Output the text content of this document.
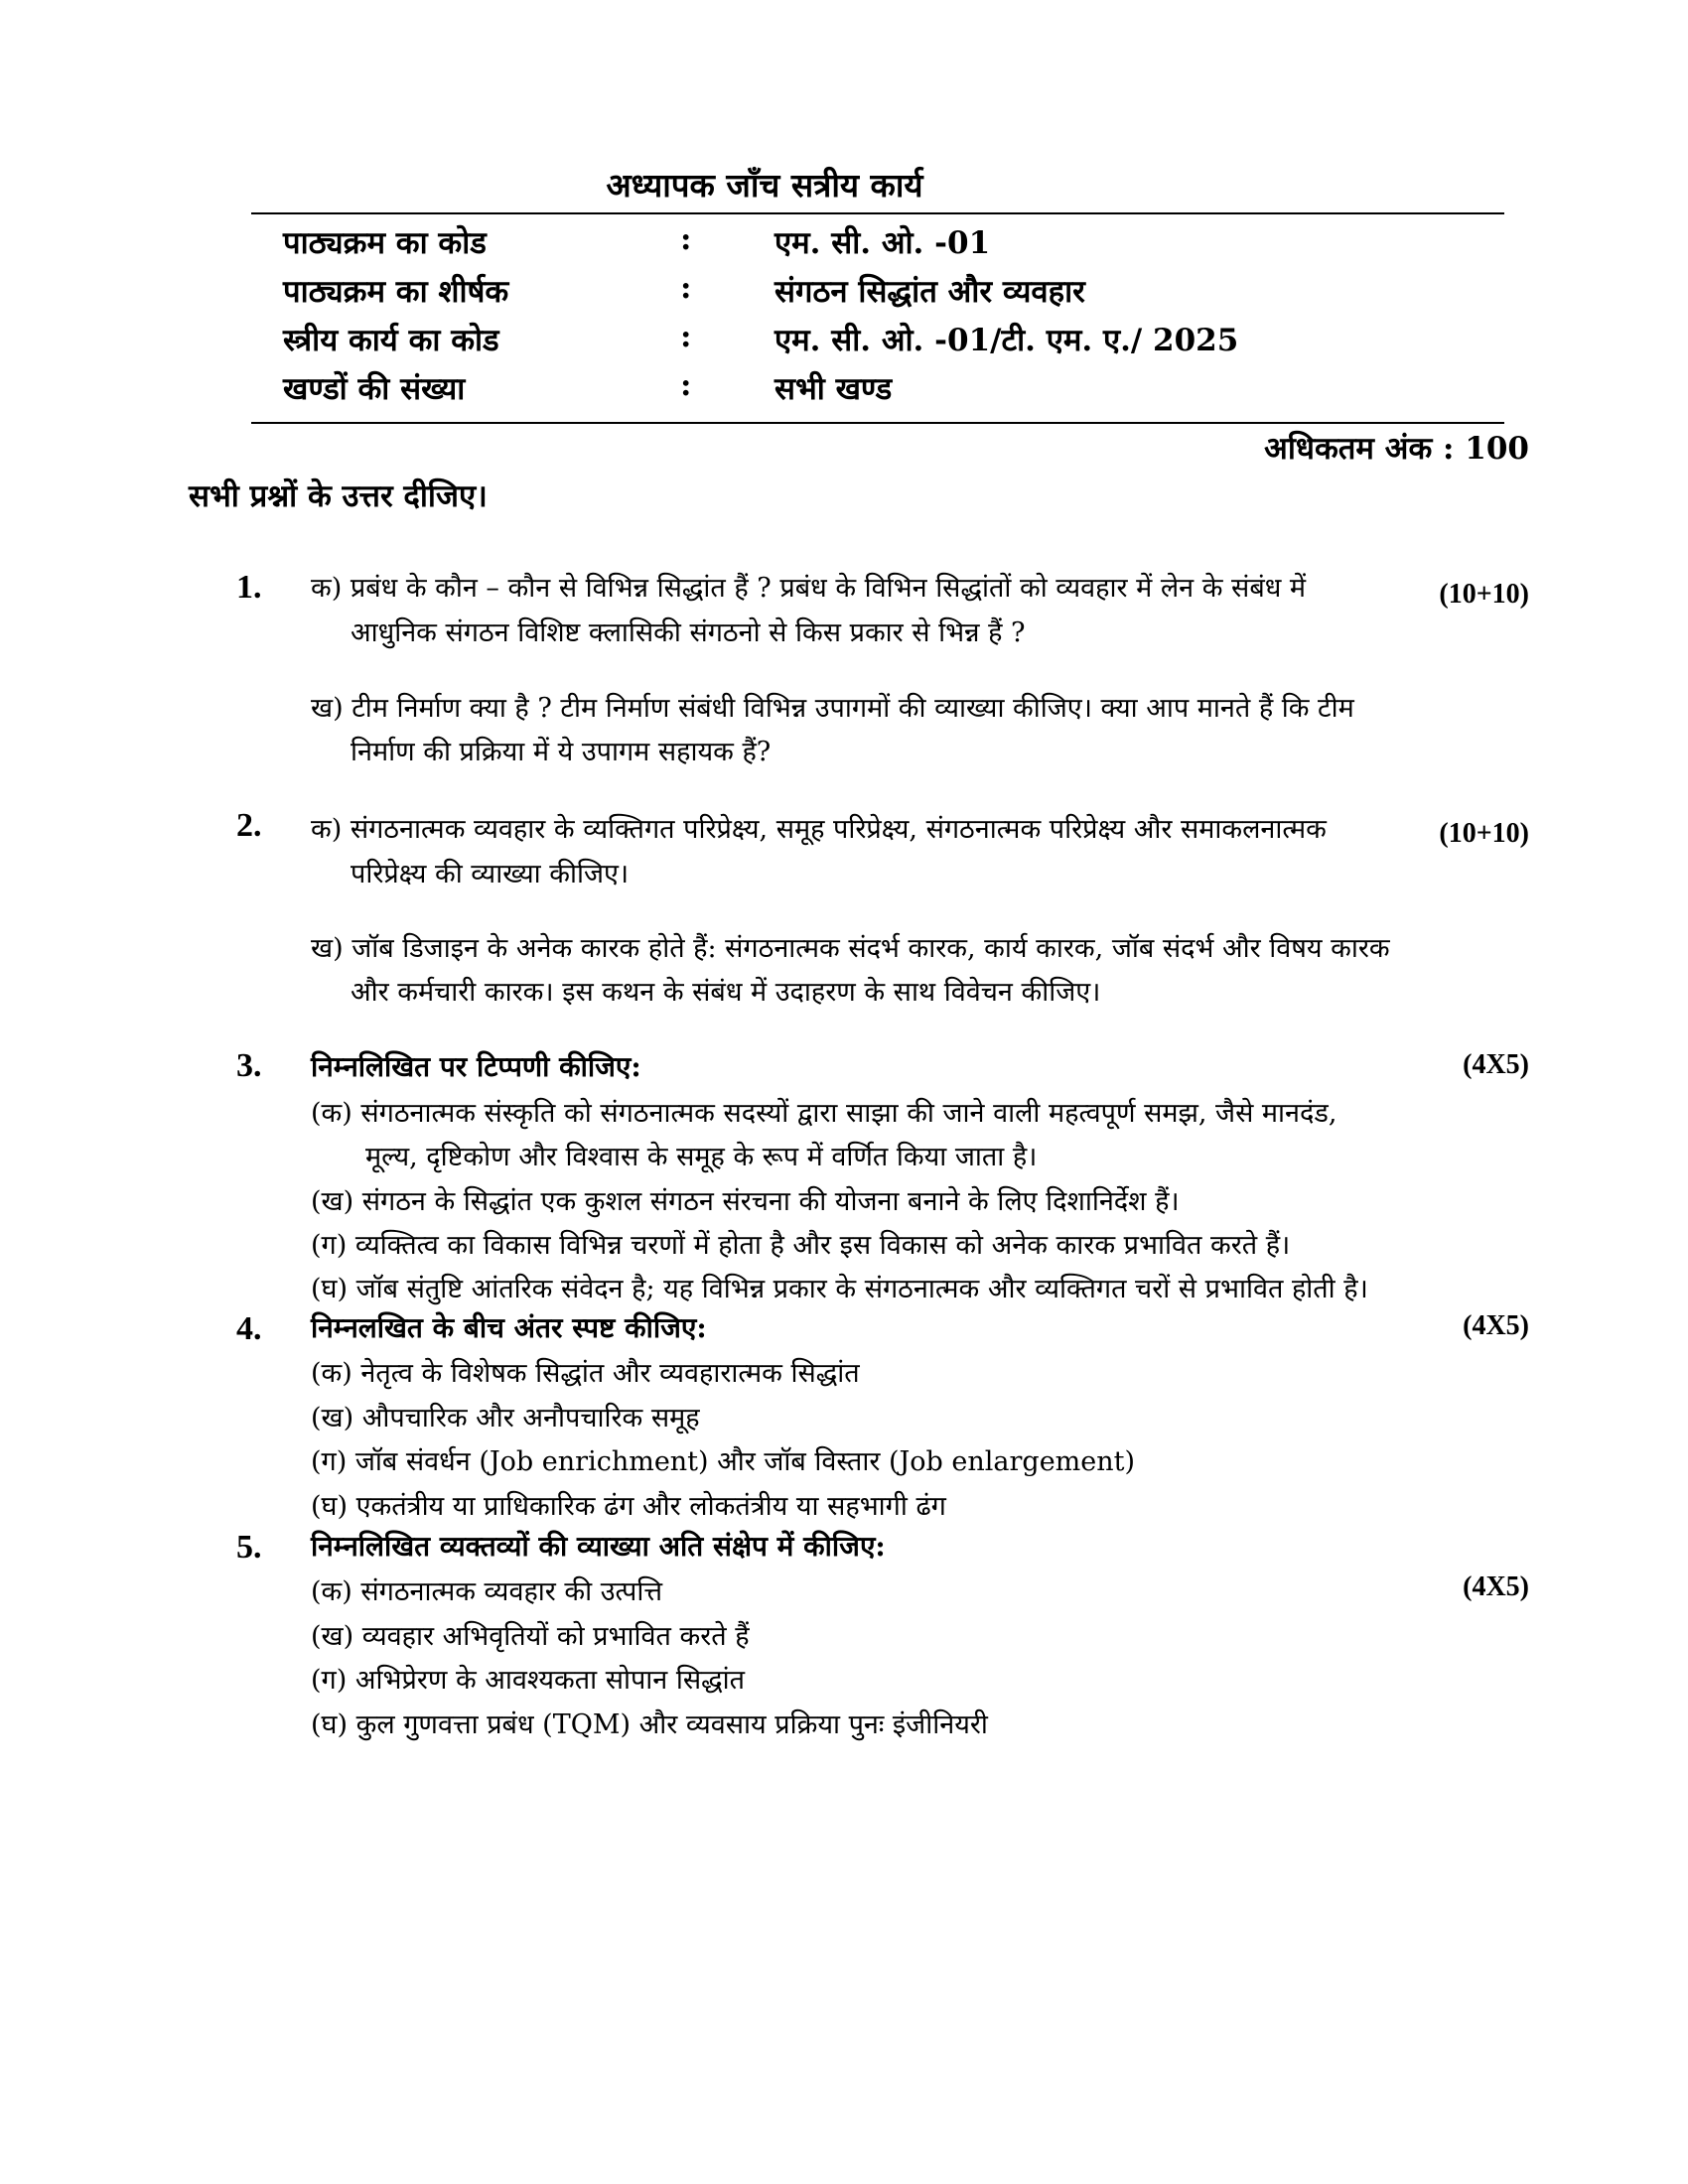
अध्यापक जाँच सत्रीय कार्य
पाठ्यक्रम का कोड	:	एम. सी. ओ. -01
पाठ्यक्रम का शीर्षक	:	संगठन सिद्धांत और व्यवहार
स्त्रीय कार्य का कोड	:	एम. सी. ओ. -01/टी. एम. ए./ 2025
खण्डों की संख्या	:	सभी खण्ड
अधिकतम अंक : 100
सभी प्रश्नों के उत्तर दीजिए।
1. क) प्रबंध के कौन – कौन से विभिन्न सिद्धांत हैं ? प्रबंध के विभिन सिद्धांतों को व्यवहार में लेन के संबंध में	(10+10)
आधुनिक संगठन विशिष्ट क्लासिकी संगठनो से किस प्रकार से भिन्न हैं ?
ख) टीम निर्माण क्या है ? टीम निर्माण संबंधी विभिन्न उपागमों की व्याख्या कीजिए। क्या आप मानते हैं कि टीम
निर्माण की प्रक्रिया में ये उपागम सहायक हैं?
2. क) संगठनात्मक व्यवहार के व्यक्तिगत परिप्रेक्ष्य, समूह परिप्रेक्ष्य, संगठनात्मक परिप्रेक्ष्य और समाकलनात्मक	(10+10)
परिप्रेक्ष्य की व्याख्या कीजिए।
ख) जॉब डिजाइन के अनेक कारक होते हैं: संगठनात्मक संदर्भ कारक, कार्य कारक, जॉब संदर्भ और विषय कारक
और कर्मचारी कारक। इस कथन के संबंध में उदाहरण के साथ विवेचन कीजिए।
3. निम्नलिखित पर टिप्पणी कीजिए:	(4X5)
(क) संगठनात्मक संस्कृति को संगठनात्मक सदस्यों द्वारा साझा की जाने वाली महत्वपूर्ण समझ, जैसे मानदंड,
मूल्य, दृष्टिकोण और विश्वास के समूह के रूप में वर्णित किया जाता है।
(ख) संगठन के सिद्धांत एक कुशल संगठन संरचना की योजना बनाने के लिए दिशानिर्देश हैं।
(ग) व्यक्तित्व का विकास विभिन्न चरणों में होता है और इस विकास को अनेक कारक प्रभावित करते हैं।
(घ) जॉब संतुष्टि आंतरिक संवेदन है; यह विभिन्न प्रकार के संगठनात्मक और व्यक्तिगत चरों से प्रभावित होती है।
4. निम्नलखित के बीच अंतर स्पष्ट कीजिए:	(4X5)
(क) नेतृत्व के विशेषक सिद्धांत और व्यवहारात्मक सिद्धांत
(ख) औपचारिक और अनौपचारिक समूह
(ग) जॉब संवर्धन (Job enrichment) और जॉब विस्तार (Job enlargement)
(घ) एकतंत्रीय या प्राधिकारिक ढंग और लोकतंत्रीय या सहभागी ढंग
5. निम्नलिखित व्यक्तव्यों की व्याख्या अति संक्षेप में कीजिए:
(4X5)
(क) संगठनात्मक व्यवहार की उत्पत्ति
(ख) व्यवहार अभिवृतियों को प्रभावित करते हैं
(ग) अभिप्रेरण के आवश्यकता सोपान सिद्धांत
(घ) कुल गुणवत्ता प्रबंध (TQM) और व्यवसाय प्रक्रिया पुनः इंजीनियरी
